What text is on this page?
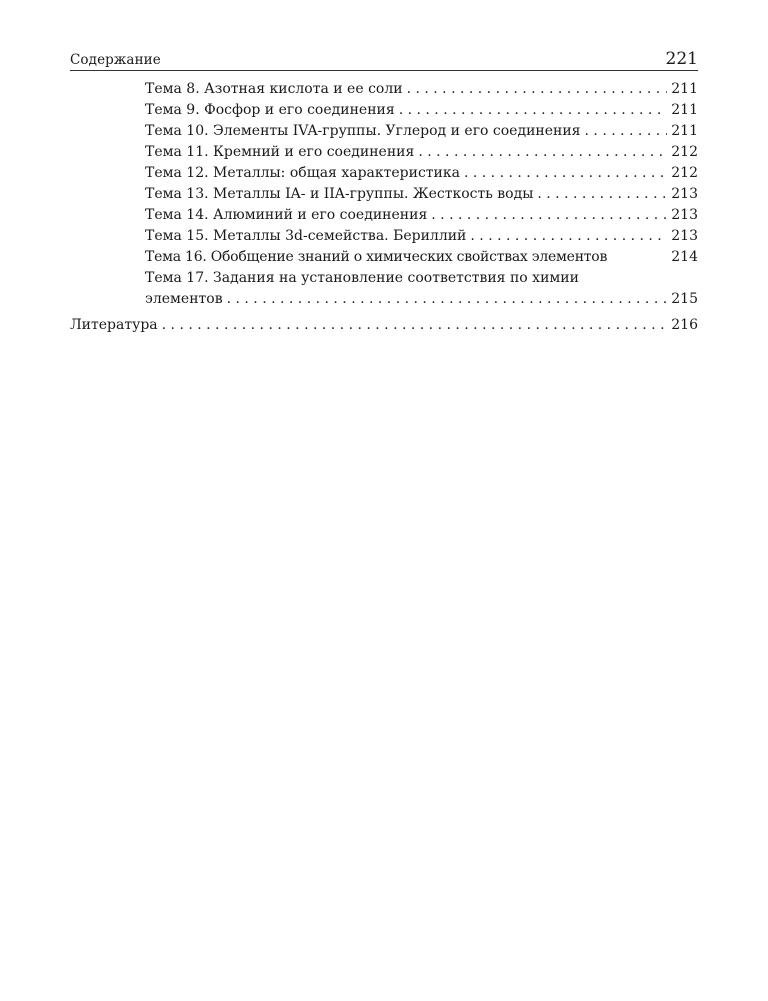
Содержание	221
Тема 8. Азотная кислота и ее соли . . .	211
Тема 9. Фосфор и его соединения . . .	211
Тема 10. Элементы IVA-группы. Углерод и его соединения . . .	211
Тема 11. Кремний и его соединения . . .	212
Тема 12. Металлы: общая характеристика . . .	212
Тема 13. Металлы IA- и IIA-группы. Жесткость воды . . .	213
Тема 14. Алюминий и его соединения . . .	213
Тема 15. Металлы 3d-семейства. Бериллий . . .	213
Тема 16. Обобщение знаний о химических свойствах элементов	214
Тема 17. Задания на установление соответствия по химии
элементов . . .	215
Литература . . .	216
